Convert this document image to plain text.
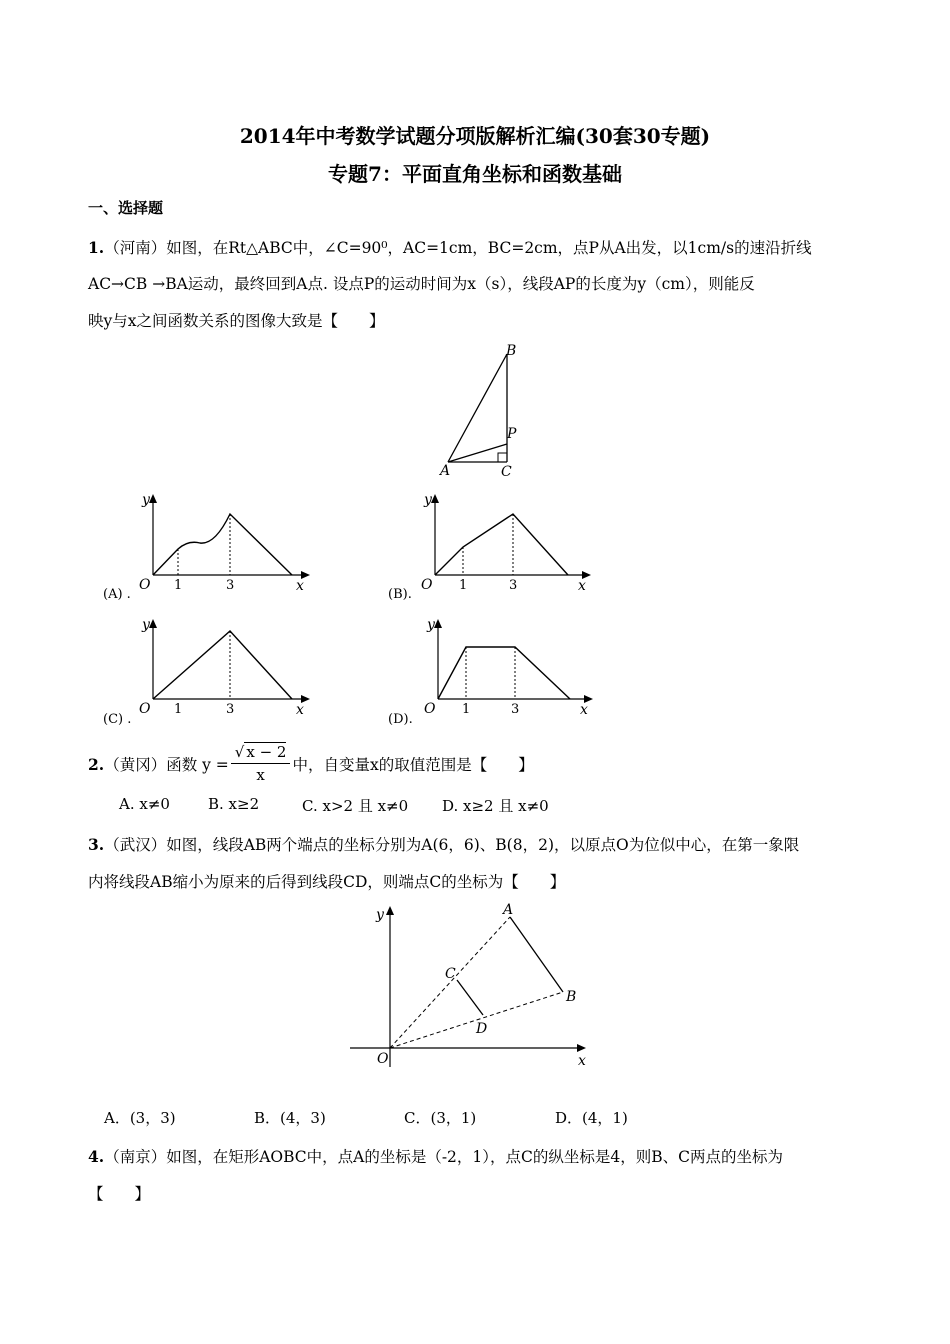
2014年中考数学试题分项版解析汇编(30套30专题)
专题7：平面直角坐标和函数基础
一、选择题
1.（河南）如图，在Rt△ABC中，∠C=90⁰，AC=1cm，BC=2cm，点P从A出发，以1cm/s的速沿折线
AC→CB →BA运动，最终回到A点. 设点P的运动时间为x（s），线段AP的长度为y（cm），则能反
映y与x之间函数关系的图像大致是【　　】
B
P
A	C
y
O 1	3	x
(A) .
y
O 1	3	x
(B).
y
O 1	3	x
(C) .
y
O 1	3	x
(D).
2. （黄冈）函数 $y = \frac{√ x - 2}{x}$ 中，自变量x的取值范围是【　　】
A. x≠0	B. x≥2	C. x>2 且 x≠0 D. x≥2 且 x≠0
3.（武汉）如图，线段AB两个端点的坐标分别为A(6，6)、B(8，2)，以原点O为位似中心，在第一象限
内将线段AB缩小为原来的后得到线段CD，则端点C的坐标为【　　】
y	A
C
B
D
O	x
A．(3，3)	B．(4，3)	C．(3，1)	D．(4，1)
4.（南京）如图，在矩形AOBC中，点A的坐标是（-2，1），点C的纵坐标是4，则B、C两点的坐标为
【　　】
